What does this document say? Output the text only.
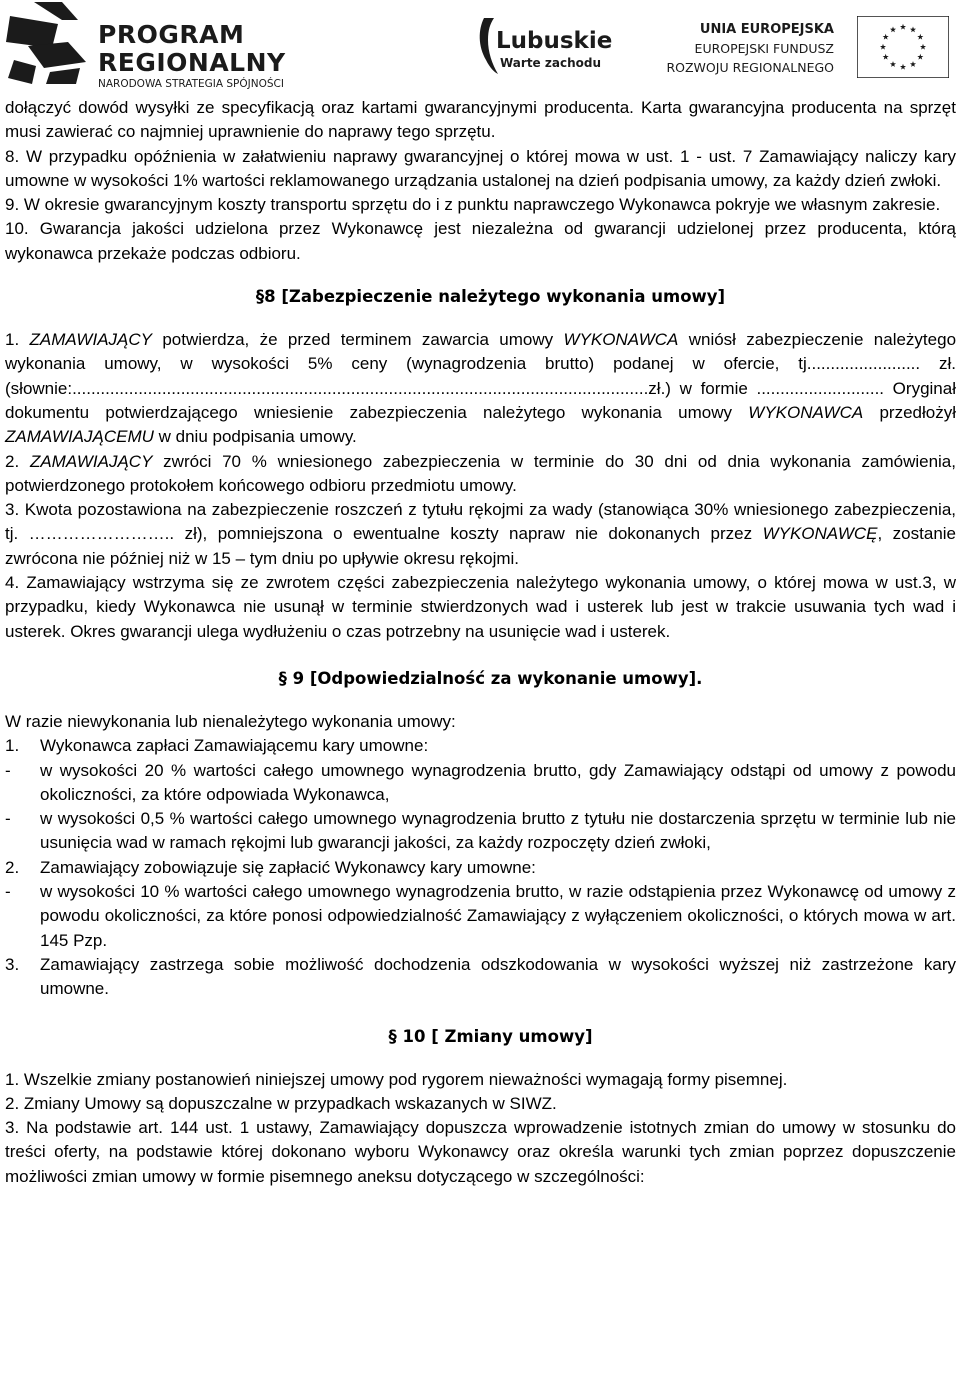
PROGRAM
REGIONALNY
NARODOWA STRATEGIA SPÓJNOŚCI
Lubuskie
Warte zachodu
UNIA EUROPEJSKA
EUROPEJSKI FUNDUSZ
ROZWOJU REGIONALNEGO
dołączyć dowód wysyłki ze specyfikacją oraz kartami gwarancyjnymi producenta. Karta gwarancyjna producenta na sprzęt musi zawierać co najmniej uprawnienie do naprawy tego sprzętu.
8. W przypadku opóźnienia w załatwieniu naprawy gwarancyjnej o której mowa w ust. 1 - ust. 7 Zamawiający naliczy kary umowne w wysokości 1% wartości reklamowanego urządzania ustalonej na dzień podpisania umowy, za każdy dzień zwłoki.
9. W okresie gwarancyjnym koszty transportu sprzętu do i z punktu naprawczego Wykonawca pokryje we własnym zakresie.
10. Gwarancja jakości udzielona przez Wykonawcę jest niezależna od gwarancji udzielonej przez producenta, którą wykonawca przekaże podczas odbioru.
§8 [Zabezpieczenie należytego wykonania umowy]
1. ZAMAWIAJĄCY potwierdza, że przed terminem zawarcia umowy WYKONAWCA wniósł zabezpieczenie należytego wykonania umowy, w wysokości 5% ceny (wynagrodzenia brutto) podanej w ofercie, tj........................ zł.(słownie:..........................................................................................................................zł.) w formie ........................... Oryginał dokumentu potwierdzającego wniesienie zabezpieczenia należytego wykonania umowy WYKONAWCA przedłożył ZAMAWIAJĄCEMU w dniu podpisania umowy.
2. ZAMAWIAJĄCY zwróci 70 % wniesionego zabezpieczenia w terminie do 30 dni od dnia wykonania zamówienia, potwierdzonego protokołem końcowego odbioru przedmiotu umowy.
3. Kwota pozostawiona na zabezpieczenie roszczeń z tytułu rękojmi za wady (stanowiąca 30% wniesionego zabezpieczenia, tj. …………………….. zł), pomniejszona o ewentualne koszty napraw nie dokonanych przez WYKONAWCĘ, zostanie zwrócona nie później niż w 15 – tym dniu po upływie okresu rękojmi.
4. Zamawiający wstrzyma się ze zwrotem części zabezpieczenia należytego wykonania umowy, o której mowa w ust.3, w przypadku, kiedy Wykonawca nie usunął w terminie stwierdzonych wad i usterek lub jest w trakcie usuwania tych wad i usterek. Okres gwarancji ulega wydłużeniu o czas potrzebny na usunięcie wad i usterek.
§ 9 [Odpowiedzialność za wykonanie umowy].
W razie niewykonania lub nienależytego wykonania umowy:
1.	Wykonawca zapłaci Zamawiającemu kary umowne:
-	w wysokości 20 % wartości całego umownego wynagrodzenia brutto, gdy Zamawiający odstąpi od umowy z powodu okoliczności, za które odpowiada Wykonawca,
-	w wysokości 0,5 % wartości całego umownego wynagrodzenia brutto z tytułu nie dostarczenia sprzętu w terminie lub nie usunięcia wad w ramach rękojmi lub gwarancji jakości, za każdy rozpoczęty dzień zwłoki,
2.	Zamawiający zobowiązuje się zapłacić Wykonawcy kary umowne:
-	w wysokości 10 % wartości całego umownego wynagrodzenia brutto, w razie odstąpienia przez Wykonawcę od umowy z powodu okoliczności, za które ponosi odpowiedzialność Zamawiający z wyłączeniem okoliczności, o których mowa w art. 145 Pzp.
3.	Zamawiający zastrzega sobie możliwość dochodzenia odszkodowania w wysokości wyższej niż zastrzeżone kary umowne.
§ 10 [ Zmiany umowy]
1. Wszelkie zmiany postanowień niniejszej umowy pod rygorem nieważności wymagają formy pisemnej.
2. Zmiany Umowy są dopuszczalne w przypadkach wskazanych w SIWZ.
3. Na podstawie art. 144 ust. 1 ustawy, Zamawiający dopuszcza wprowadzenie istotnych zmian do umowy w stosunku do treści oferty, na podstawie której dokonano wyboru Wykonawcy oraz określa warunki tych zmian poprzez dopuszczenie możliwości zmian umowy w formie pisemnego aneksu dotyczącego w szczególności:
